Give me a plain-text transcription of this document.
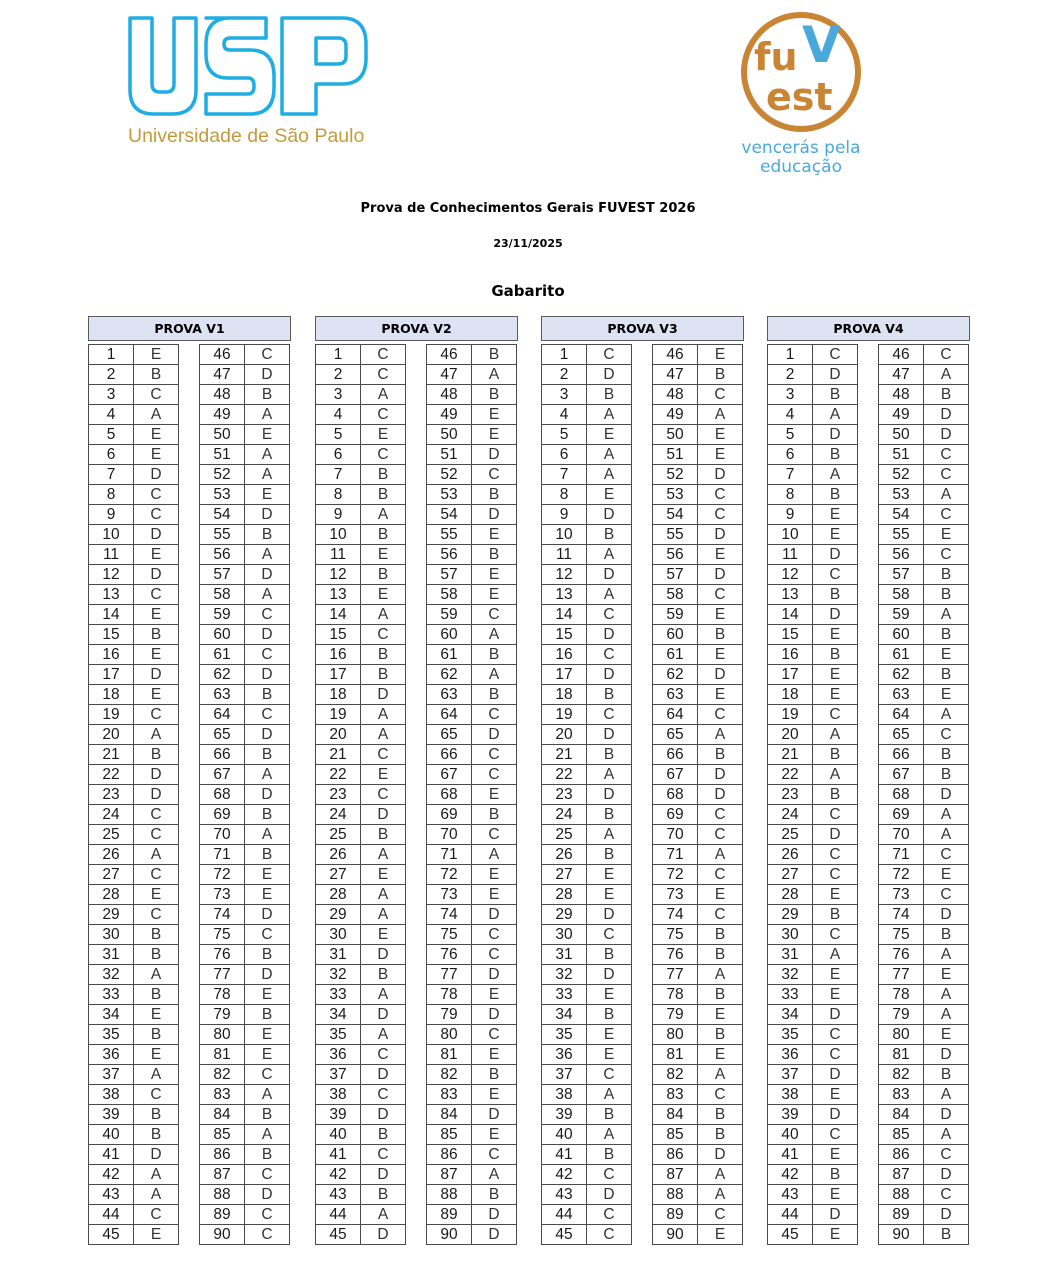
Universidade de São Paulo
fu V
est
vencerás pela
educação
Prova de Conhecimentos Gerais FUVEST 2026
23/11/2025
Gabarito
PROVA V1
1	E
2	B
3	C
4	A
5	E
6	E
7	D
8	C
9	C
10	D
11	E
12	D
13	C
14	E
15	B
16	E
17	D
18	E
19	C
20	A
21	B
22	D
23	D
24	C
25	C
26	A
27	C
28	E
29	C
30	B
31	B
32	A
33	B
34	E
35	B
36	E
37	A
38	C
39	B
40	B
41	D
42	A
43	A
44	C
45	E
46	C
47	D
48	B
49	A
50	E
51	A
52	A
53	E
54	D
55	B
56	A
57	D
58	A
59	C
60	D
61	C
62	D
63	B
64	C
65	D
66	B
67	A
68	D
69	B
70	A
71	B
72	E
73	E
74	D
75	C
76	B
77	D
78	E
79	B
80	E
81	E
82	C
83	A
84	B
85	A
86	B
87	C
88	D
89	C
90	C
PROVA V2
1	C
2	C
3	A
4	C
5	E
6	C
7	B
8	B
9	A
10	B
11	E
12	B
13	E
14	A
15	C
16	B
17	B
18	D
19	A
20	A
21	C
22	E
23	C
24	D
25	B
26	A
27	E
28	A
29	A
30	E
31	D
32	B
33	A
34	D
35	A
36	C
37	D
38	C
39	D
40	B
41	C
42	D
43	B
44	A
45	D
46	B
47	A
48	B
49	E
50	E
51	D
52	C
53	B
54	D
55	E
56	B
57	E
58	E
59	C
60	A
61	B
62	A
63	B
64	C
65	D
66	C
67	C
68	E
69	B
70	C
71	A
72	E
73	E
74	D
75	C
76	C
77	D
78	E
79	D
80	C
81	E
82	B
83	E
84	D
85	E
86	C
87	A
88	B
89	D
90	D
PROVA V3
1	C
2	D
3	B
4	A
5	E
6	A
7	A
8	E
9	D
10	B
11	A
12	D
13	A
14	C
15	D
16	C
17	D
18	B
19	C
20	D
21	B
22	A
23	D
24	B
25	A
26	B
27	E
28	E
29	D
30	C
31	B
32	D
33	E
34	B
35	E
36	E
37	C
38	A
39	B
40	A
41	B
42	C
43	D
44	C
45	C
46	E
47	B
48	C
49	A
50	E
51	E
52	D
53	C
54	C
55	D
56	E
57	D
58	C
59	E
60	B
61	E
62	D
63	E
64	C
65	A
66	B
67	D
68	D
69	C
70	C
71	A
72	C
73	E
74	C
75	B
76	B
77	A
78	B
79	E
80	B
81	E
82	A
83	C
84	B
85	B
86	D
87	A
88	A
89	C
90	E
PROVA V4
1	C
2	D
3	B
4	A
5	D
6	B
7	A
8	B
9	E
10	E
11	D
12	C
13	B
14	D
15	E
16	B
17	E
18	E
19	C
20	A
21	B
22	A
23	B
24	C
25	D
26	C
27	C
28	E
29	B
30	C
31	A
32	E
33	E
34	D
35	C
36	C
37	D
38	E
39	D
40	C
41	E
42	B
43	E
44	D
45	E
46	C
47	A
48	B
49	D
50	D
51	C
52	C
53	A
54	C
55	E
56	C
57	B
58	B
59	A
60	B
61	E
62	B
63	E
64	A
65	C
66	B
67	B
68	D
69	A
70	A
71	C
72	E
73	C
74	D
75	B
76	A
77	E
78	A
79	A
80	E
81	D
82	B
83	A
84	D
85	A
86	C
87	D
88	C
89	D
90	B
